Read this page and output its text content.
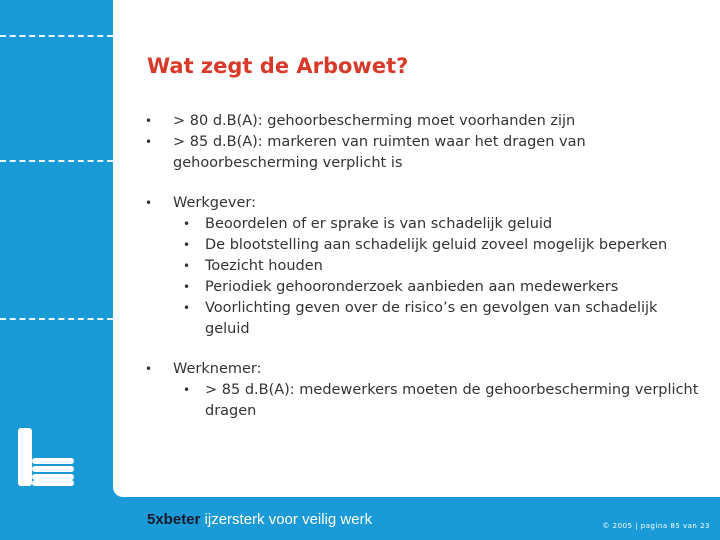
Wat zegt de Arbowet?
• > 80 d.B(A): gehoorbescherming moet voorhanden zijn
• > 85 d.B(A): markeren van ruimten waar het dragen van gehoorbescherming verplicht is
• Werkgever:
• Beoordelen of er sprake is van schadelijk geluid
• De blootstelling aan schadelijk geluid zoveel mogelijk beperken
• Toezicht houden
• Periodiek gehooronderzoek aanbieden aan medewerkers
• Voorlichting geven over de risico’s en gevolgen van schadelijk geluid
• Werknemer:
• > 85 d.B(A): medewerkers moeten de gehoorbescherming verplicht dragen
5xbeter ijzersterk voor veilig werk	© 2005 | pagina 85 van 23
